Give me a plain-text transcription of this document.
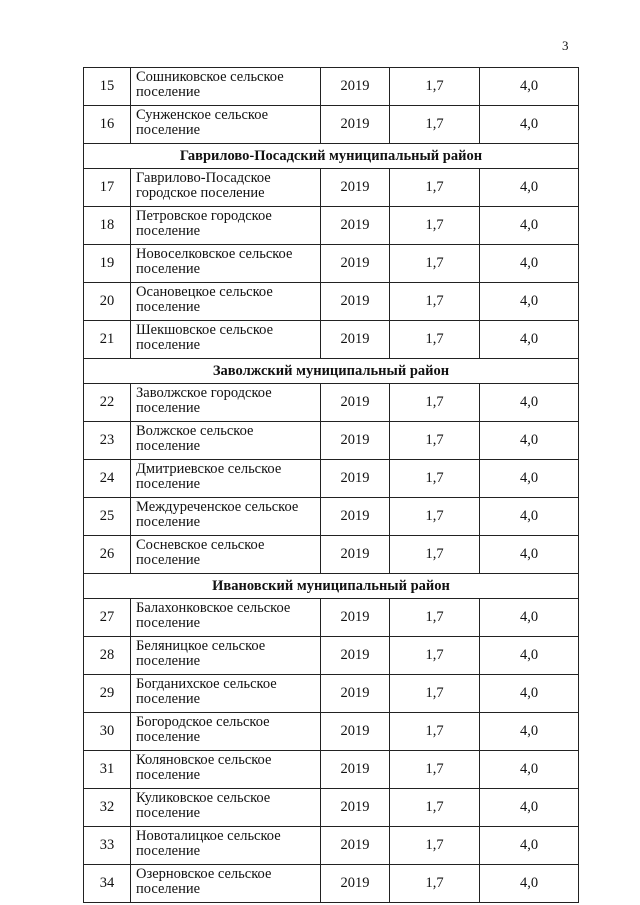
3
15	Сошниковское сельское поселение	2019	1,7	4,0
16	Сунженское сельское поселение	2019	1,7	4,0
Гаврилово-Посадский муниципальный район				
17	Гаврилово-Посадское городское поселение	2019	1,7	4,0
18	Петровское городское поселение	2019	1,7	4,0
19	Новоселковское сельское поселение	2019	1,7	4,0
20	Осановецкое сельское поселение	2019	1,7	4,0
21	Шекшовское сельское поселение	2019	1,7	4,0
Заволжский муниципальный район				
22	Заволжское городское поселение	2019	1,7	4,0
23	Волжское сельское поселение	2019	1,7	4,0
24	Дмитриевское сельское поселение	2019	1,7	4,0
25	Междуреченское сельское поселение	2019	1,7	4,0
26	Сосневское сельское поселение	2019	1,7	4,0
Ивановский муниципальный район				
27	Балахонковское сельское поселение	2019	1,7	4,0
28	Беляницкое сельское поселение	2019	1,7	4,0
29	Богданихское сельское поселение	2019	1,7	4,0
30	Богородское сельское поселение	2019	1,7	4,0
31	Коляновское сельское поселение	2019	1,7	4,0
32	Куликовское сельское поселение	2019	1,7	4,0
33	Новоталицкое сельское поселение	2019	1,7	4,0
34	Озерновское сельское поселение	2019	1,7	4,0
